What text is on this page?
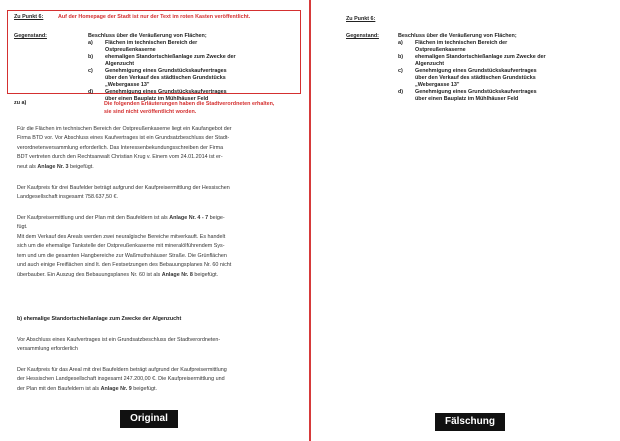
Zu Punkt 6:	Auf der Homepage der Stadt ist nur der Text im roten Kasten veröffentlicht.
Gegenstand:	Beschluss über die Veräußerung von Flächen;
a)	Flächen im technischen Bereich der Ostpreußenkaserne
b)	ehemaligen Standortschießanlage zum Zwecke der Algenzucht
c)	Genehmigung eines Grundstückskaufvertrages über den Verkauf des städtischen Grundstücks „Webergasse 13"
d)	Genehmigung eines Grundstückskaufvertrages über einen Bauplatz im Mühlhäuser Feld
zu a)	Die folgenden Erläuterungen haben die Stadtverordneten erhalten,
sie sind nicht veröffentlicht worden.
Für die Flächen im technischen Bereich der Ostpreußenkaserne liegt ein Kaufangebot der
Firma BTD vor. Vor Abschluss eines Kaufvertrages ist ein Grundsatzbeschluss der Stadt-
verordnetenversammlung erforderlich. Das Interessenbekundungsschreiben der Firma
BDT vertreten durch den Rechtsanwalt Christian Krug v. Einem vom 24.01.2014 ist er-
neut als Anlage Nr. 3 beigefügt.
Der Kaufpreis für drei Baufelder beträgt aufgrund der Kaufpreisermittlung der Hessischen
Landgesellschaft insgesamt 758.637,50 €.
Der Kaufpreisermittlung und der Plan mit den Baufeldern ist als Anlage Nr. 4 - 7 beige-
fügt.
Mit dem Verkauf des Areals werden zwei neuralgische Bereiche mitverkauft. Es handelt
sich um die ehemalige Tankstelle der Ostpreußenkaserne mit mineralölführendem Sys-
tem und um die gesamten Hangbereiche zur Waßmuthshäuser Straße. Die Grünflächen
und auch einige Freiflächen sind lt. den Festsetzungen des Bebauungsplanes Nr. 60 nicht
überbauber. Ein Auszug des Bebauungsplanes Nr. 60 ist als Anlage Nr. 8 beigefügt.
b) ehemalige Standortschießanlage zum Zwecke der Algenzucht
Vor Abschluss eines Kaufvertrages ist ein Grundsatzbeschluss der Stadtverordneten-
versammlung erforderlich
Der Kaufpreis für das Areal mit drei Baufeldern beträgt aufgrund der Kaufpreisermittlung
der Hessischen Landgesellschaft insgesamt 247.200,00 €. Die Kaufpreisermittlung und
der Plan mit den Baufeldern ist als Anlage Nr. 9 beigefügt.
Original
Zu Punkt 6:
Gegenstand:	Beschluss über die Veräußerung von Flächen;
a)	Flächen im technischen Bereich der Ostpreußenkaserne
b)	ehemaligen Standortschießanlage zum Zwecke der Algenzucht
c)	Genehmigung eines Grundstückskaufvertrages über den Verkauf des städtischen Grundstücks „Webergasse 13"
d)	Genehmigung eines Grundstückskaufvertrages über einen Bauplatz im Mühlhäuser Feld
Fälschung
